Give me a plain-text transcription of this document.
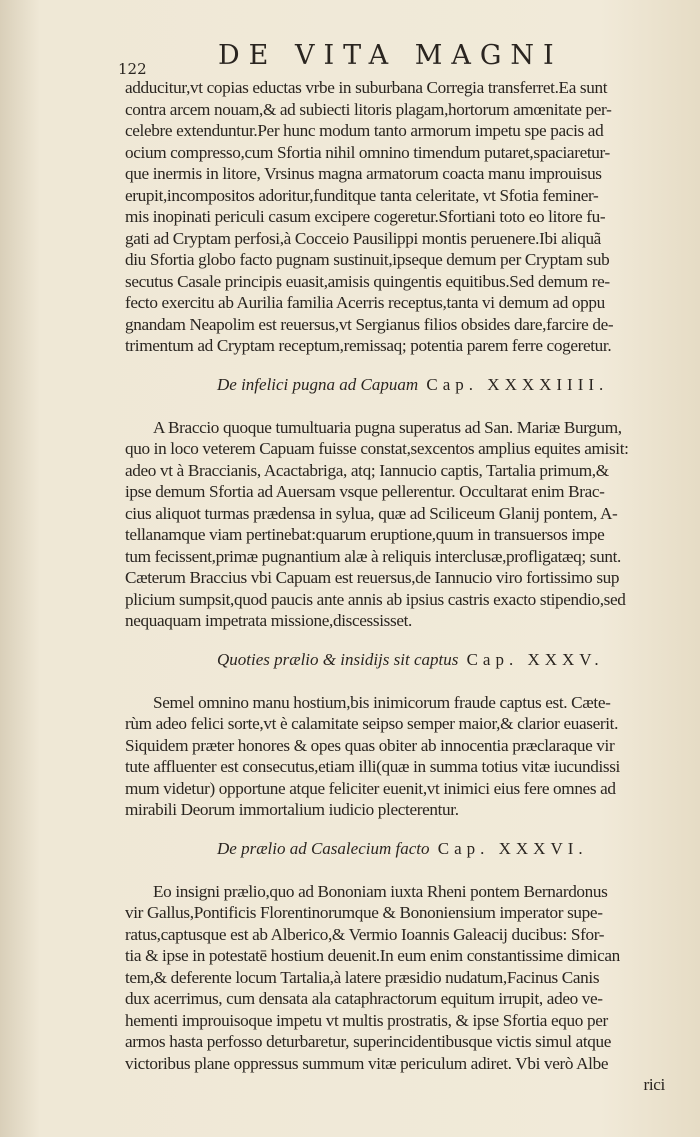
122	DE VITA MAGNI

adducitur,vt copias eductas vrbe in suburbana Corregia transferret.Ea sunt

contra arcem nouam,& ad subiecti litoris plagam,hortorum amœnitate per-

celebre extenduntur.Per hunc modum tanto armorum impetu spe pacis ad

ocium compresso,cum Sfortia nihil omnino timendum putaret,spaciaretur-

que inermis in litore, Vrsinus magna armatorum coacta manu improuisus

erupit,incompositos adoritur,funditque tanta celeritate, vt Sfotia feminer-

mis inopinati periculi casum excipere cogeretur.Sfortiani toto eo litore fu-

gati ad Cryptam perfosi,à Cocceio Pausilippi montis peruenere.Ibi aliquã

diu Sfortia globo facto pugnam sustinuit,ipseque demum per Cryptam sub

secutus Casale principis euasit,amisis quingentis equitibus.Sed demum re-

fecto exercitu ab Aurilia familia Acerris receptus,tanta vi demum ad oppu

gnandam Neapolim est reuersus,vt Sergianus filios obsides dare,farcire de-

trimentum ad Cryptam receptum,remissaq; potentia parem ferre cogeretur.

De infelici pugna ad Capuam Cap. XXXXIIII.

A Braccio quoque tumultuaria pugna superatus ad San. Mariæ Burgum,

quo in loco veterem Capuam fuisse constat,sexcentos amplius equites amisit:

adeo vt à Braccianis, Acactabriga, atq; Iannucio captis, Tartalia primum,&

ipse demum Sfortia ad Auersam vsque pellerentur. Occultarat enim Brac-

cius aliquot turmas prædensa in sylua, quæ ad Sciliceum Glanij pontem, A-

tellanamque viam pertinebat:quarum eruptione,quum in transuersos impe

tum fecissent,primæ pugnantium alæ à reliquis interclusæ,profligatæq; sunt.

Cæterum Braccius vbi Capuam est reuersus,de Iannucio viro fortissimo sup

plicium sumpsit,quod paucis ante annis ab ipsius castris exacto stipendio,sed

nequaquam impetrata missione,discessisset.

Quoties prælio & insidijs sit captus Cap. XXXV.

Semel omnino manu hostium,bis inimicorum fraude captus est. Cæte-

rùm adeo felici sorte,vt è calamitate seipso semper maior,& clarior euaserit.

Siquidem præter honores & opes quas obiter ab innocentia præclaraque vir

tute affluenter est consecutus,etiam illi(quæ in summa totius vitæ iucundissi

mum videtur) opportune atque feliciter euenit,vt inimici eius fere omnes ad

mirabili Deorum immortalium iudicio plecterentur.

De prælio ad Casalecium facto Cap. XXXVI.

Eo insigni prælio,quo ad Bononiam iuxta Rheni pontem Bernardonus

vir Gallus,Pontificis Florentinorumque & Bononiensium imperator supe-

ratus,captusque est ab Alberico,& Vermio Ioannis Galeacij ducibus: Sfor-

tia & ipse in potestatē hostium deuenit.In eum enim constantissime dimican

tem,& deferente locum Tartalia,à latere præsidio nudatum,Facinus Canis

dux acerrimus, cum densata ala cataphractorum equitum irrupit, adeo ve-

hementi improuisoque impetu vt multis prostratis, & ipse Sfortia equo per

armos hasta perfosso deturbaretur, superincidentibusque victis simul atque

victoribus plane oppressus summum vitæ periculum adiret. Vbi verò Albe

rici
